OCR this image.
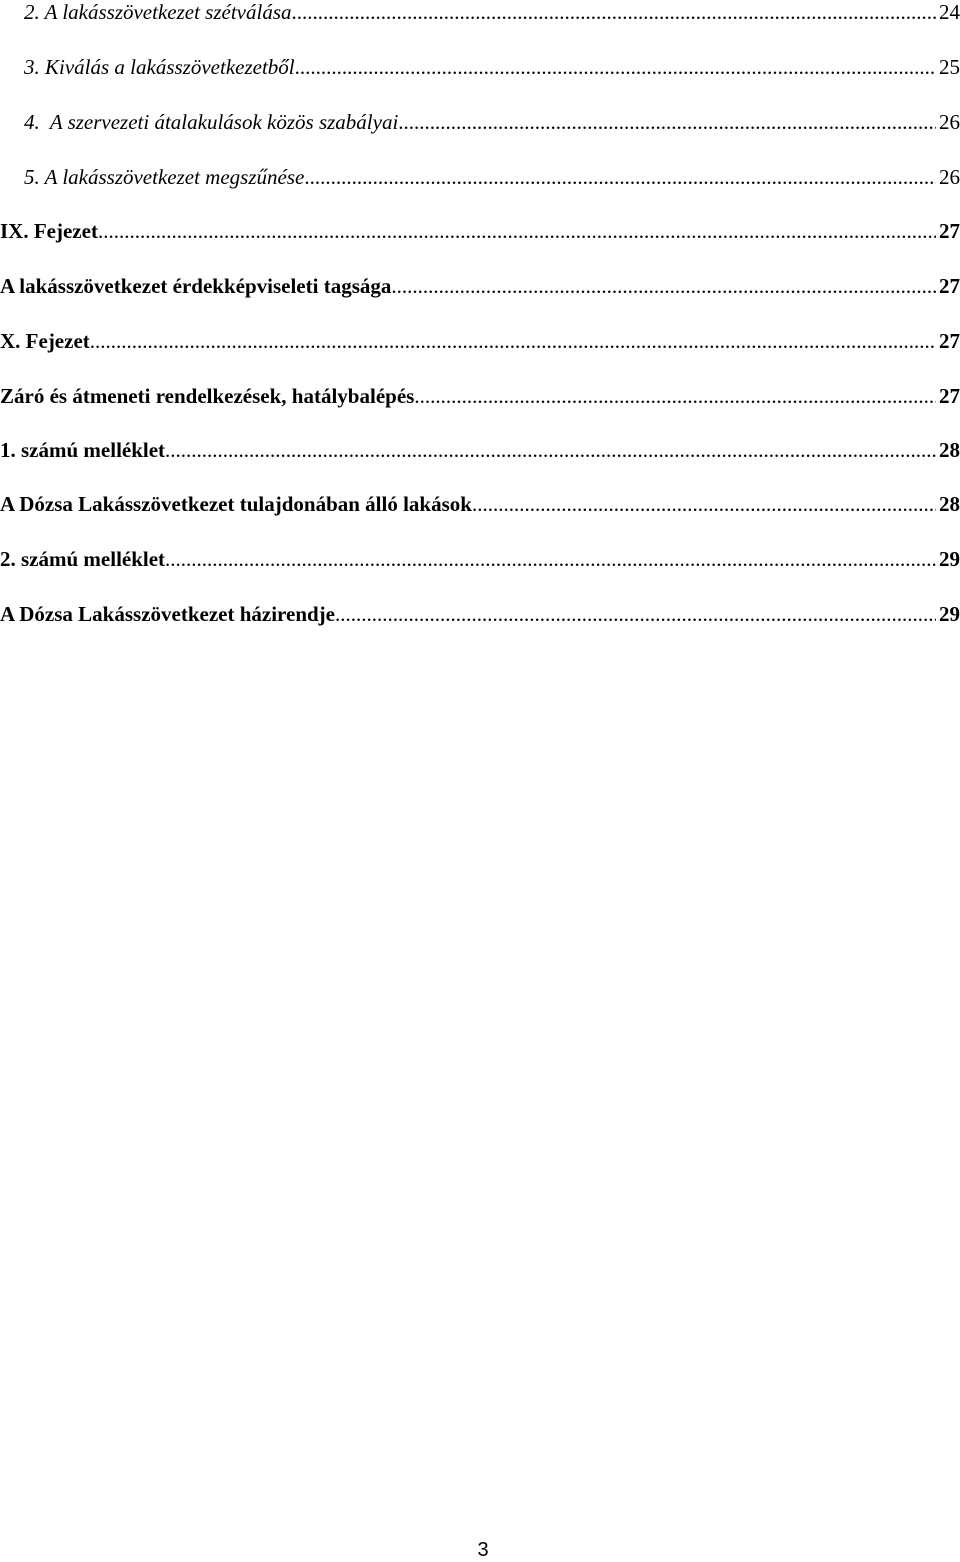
2. A lakásszövetkezet szétválása .....	24
3. Kiválás a lakásszövetkezetből .....	25
4.  A szervezeti átalakulások közös szabályai .....	26
5. A lakásszövetkezet megszűnése .....	26
IX. Fejezet .....	27
A lakásszövetkezet érdekképviseleti tagsága .....	27
X. Fejezet .....	27
Záró és átmeneti rendelkezések, hatálybalépés .....	27
1. számú melléklet .....	28
A Dózsa Lakásszövetkezet tulajdonában álló lakások .....	28
2. számú melléklet .....	29
A Dózsa Lakásszövetkezet házirendje .....	29
3
